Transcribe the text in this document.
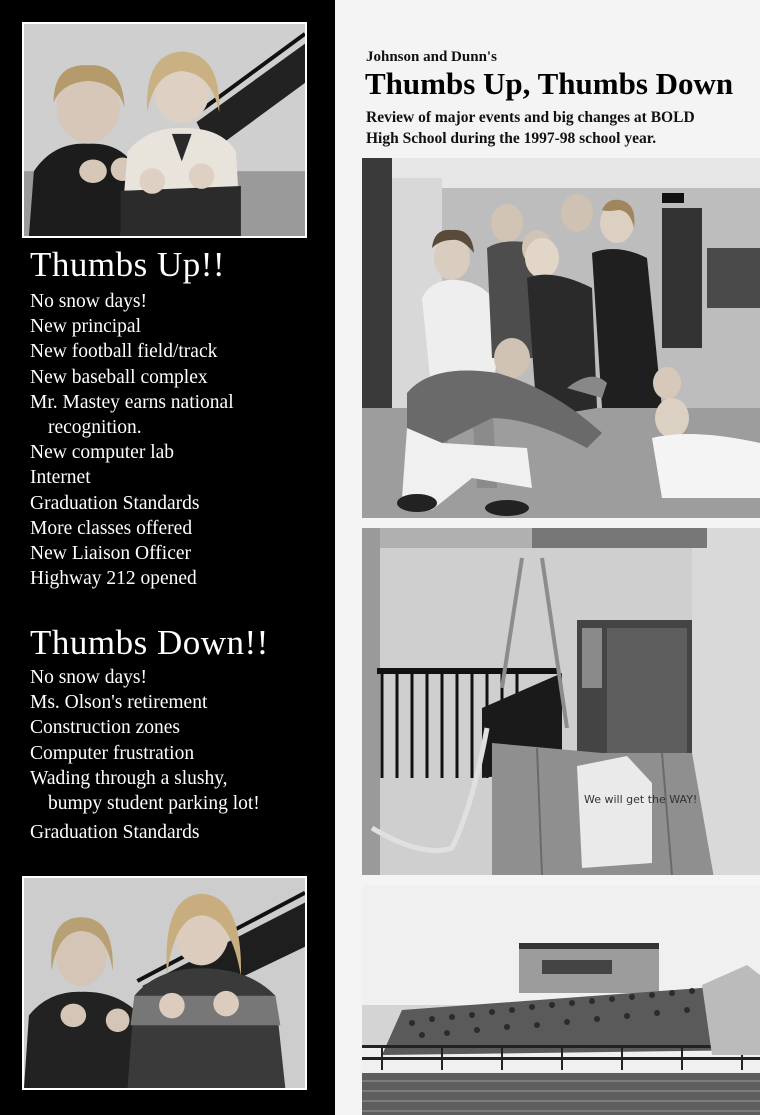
Thumbs Up!!
No snow days!
New principal
New football field/track
New baseball complex
Mr. Mastey earns national
recognition.
New computer lab
Internet
Graduation Standards
More classes offered
New Liaison Officer
Highway 212 opened
Thumbs Down!!
No snow days!
Ms. Olson's retirement
Construction zones
Computer frustration
Wading through a slushy,
bumpy student parking lot!
Graduation Standards
Johnson and Dunn's
Thumbs Up, Thumbs Down
Review of major events and big changes at BOLD
High School during the 1997-98 school year.
We will get the WAY!
